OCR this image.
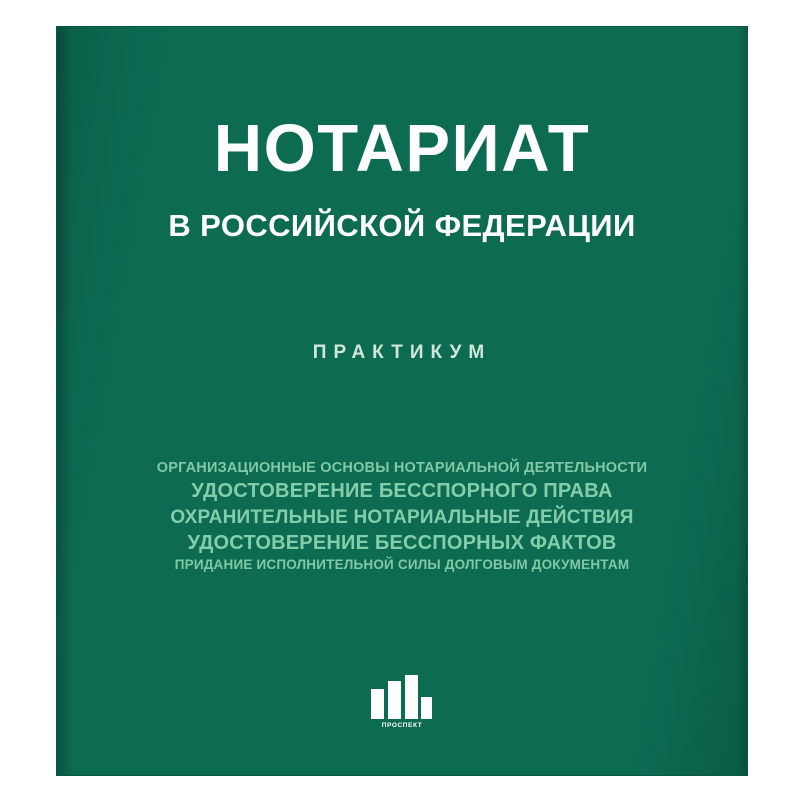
НОТАРИАТ
В РОССИЙСКОЙ ФЕДЕРАЦИИ
ПРАКТИКУМ
ОРГАНИЗАЦИОННЫЕ ОСНОВЫ НОТАРИАЛЬНОЙ ДЕЯТЕЛЬНОСТИ
УДОСТОВЕРЕНИЕ БЕССПОРНОГО ПРАВА
ОХРАНИТЕЛЬНЫЕ НОТАРИАЛЬНЫЕ ДЕЙСТВИЯ
УДОСТОВЕРЕНИЕ БЕССПОРНЫХ ФАКТОВ
ПРИДАНИЕ ИСПОЛНИТЕЛЬНОЙ СИЛЫ ДОЛГОВЫМ ДОКУМЕНТАМ
ПРОСПЕКТ
